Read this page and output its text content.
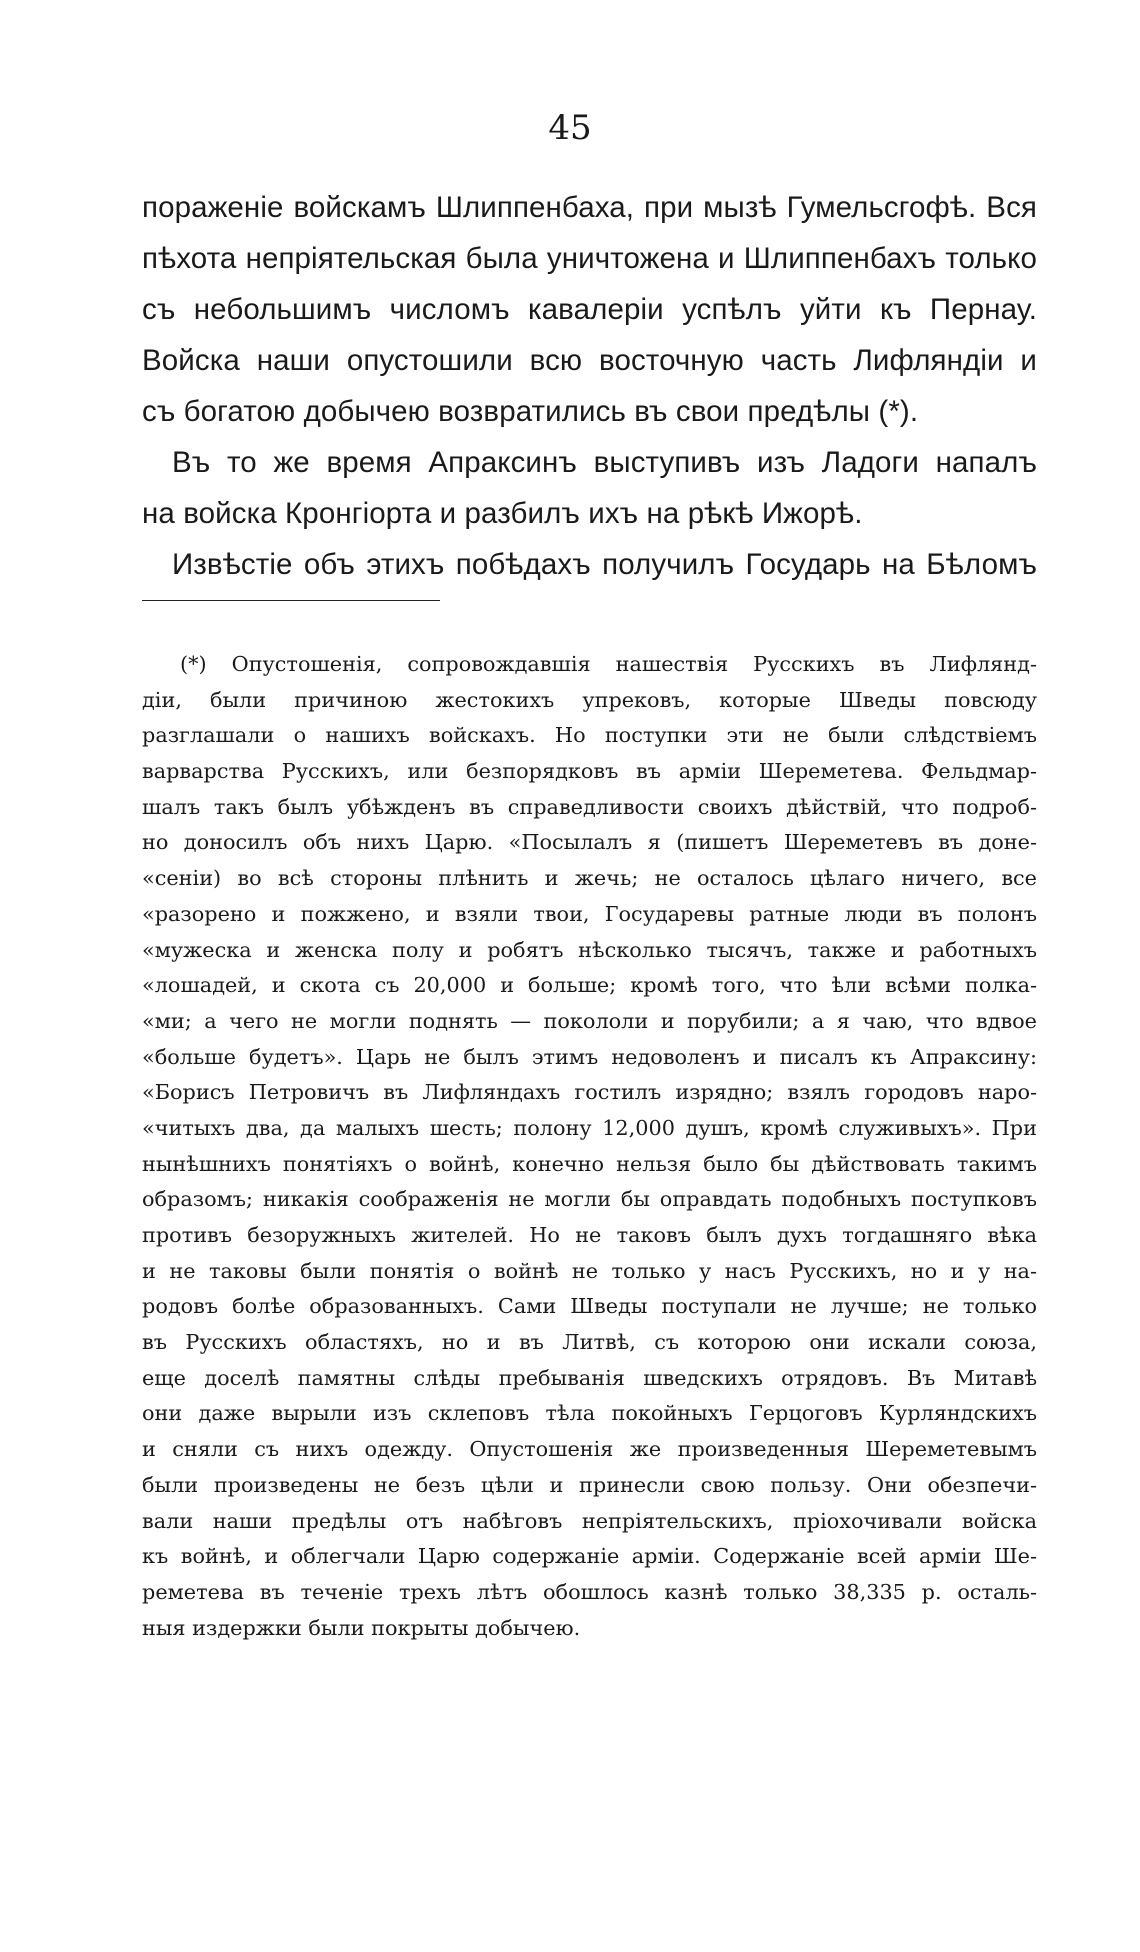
45
пораженіе войскамъ Шлиппенбаха, при мызѣ Гумельсгофѣ. Вся
пѣхота непріятельская была уничтожена и Шлиппенбахъ только
съ небольшимъ числомъ кавалеріи успѣлъ уйти къ Пернау.
Войска наши опустошили всю восточную часть Лифляндіи и
съ богатою добычею возвратились въ свои предѣлы (*).
Въ то же время Апраксинъ выступивъ изъ Ладоги напалъ
на войска Кронгіорта и разбилъ ихъ на рѣкѣ Ижорѣ.
Извѣстіе объ этихъ побѣдахъ получилъ Государь на Бѣломъ
(*) Опустошенія, сопровождавшія нашествія Русскихъ въ Лифлянд-
діи, были причиною жестокихъ упрековъ, которые Шведы повсюду
разглашали о нашихъ войскахъ. Но поступки эти не были слѣдствіемъ
варварства Русскихъ, или безпорядковъ въ арміи Шереметева. Фельдмар-
шалъ такъ былъ убѣжденъ въ справедливости своихъ дѣйствій, что подроб-
но доносилъ объ нихъ Царю. «Посылалъ я (пишетъ Шереметевъ въ доне-
«сеніи) во всѣ стороны плѣнить и жечь; не осталось цѣлаго ничего, все
«разорено и пожжено, и взяли твои, Государевы ратные люди въ полонъ
«мужеска и женска полу и робятъ нѣсколько тысячъ, также и работныхъ
«лошадей, и скота съ 20,000 и больше; кромѣ того, что ѣли всѣми полка-
«ми; а чего не могли поднять — покололи и порубили; а я чаю, что вдвое
«больше будетъ». Царь не былъ этимъ недоволенъ и писалъ къ Апраксину:
«Борисъ Петровичъ въ Лифляндахъ гостилъ изрядно; взялъ городовъ наро-
«читыхъ два, да малыхъ шесть; полону 12,000 душъ, кромѣ служивыхъ». При
нынѣшнихъ понятіяхъ о войнѣ, конечно нельзя было бы дѣйствовать такимъ
образомъ; никакія соображенія не могли бы оправдать подобныхъ поступковъ
противъ безоружныхъ жителей. Но не таковъ былъ духъ тогдашняго вѣка
и не таковы были понятія о войнѣ не только у насъ Русскихъ, но и у на-
родовъ болѣе образованныхъ. Сами Шведы поступали не лучше; не только
въ Русскихъ областяхъ, но и въ Литвѣ, съ которою они искали союза,
еще доселѣ памятны слѣды пребыванія шведскихъ отрядовъ. Въ Митавѣ
они даже вырыли изъ склеповъ тѣла покойныхъ Герцоговъ Курляндскихъ
и сняли съ нихъ одежду. Опустошенія же произведенныя Шереметевымъ
были произведены не безъ цѣли и принесли свою пользу. Они обезпечи-
вали наши предѣлы отъ набѣговъ непріятельскихъ, пріохочивали войска
къ войнѣ, и облегчали Царю содержаніе арміи. Содержаніе всей арміи Ше-
реметева въ теченіе трехъ лѣтъ обошлось казнѣ только 38,335 р. осталь-
ныя издержки были покрыты добычею.
